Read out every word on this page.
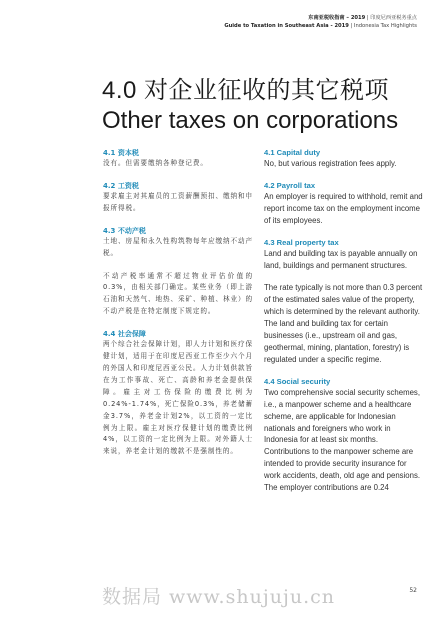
东南亚税收指南 – 2019 | 印度尼西亚税务重点
Guide to Taxation in Southeast Asia - 2019 | Indonesia Tax Highlights
4.0 对企业征收的其它税项
Other taxes on corporations
4.1 资本税
没有。但需要缴纳各种登记费。
4.2 工资税
要求雇主对其雇员的工资薪酬预扣、缴纳和申报所得税。
4.3 不动产税
土地、房屋和永久性构筑物每年应缴纳不动产税。
不动产税率通常不超过物业评估价值的0.3%，由相关部门确定。某些业务（即上游石油和天然气、地热、采矿、种植、林业）的不动产税是在特定制度下规定的。
4.4 社会保障
两个综合社会保障计划，即人力计划和医疗保健计划，适用于在印度尼西亚工作至少六个月的外国人和印度尼西亚公民。人力计划供款旨在为工作事故、死亡、高龄和养老金提供保障。雇主对工伤保险的缴费比例为0.24%-1.74%，死亡保险0.3%，养老储蓄金3.7%，养老金计划2%，以工资的一定比例为上限。雇主对医疗保健计划的缴费比例4%，以工资的一定比例为上限。对外籍人士来说，养老金计划的缴款不是强制性的。
4.1 Capital duty
No, but various registration fees apply.
4.2 Payroll tax
An employer is required to withhold, remit and report income tax on the employment income of its employees.
4.3 Real property tax
Land and building tax is payable annually on land, buildings and permanent structures.
The rate typically is not more than 0.3 percent of the estimated sales value of the property, which is determined by the relevant authority. The land and building tax for certain businesses (i.e., upstream oil and gas, geothermal, mining, plantation, forestry) is regulated under a specific regime.
4.4 Social security
Two comprehensive social security schemes, i.e., a manpower scheme and a healthcare scheme, are applicable for Indonesian nationals and foreigners who work in Indonesia for at least six months. Contributions to the manpower scheme are intended to provide security insurance for work accidents, death, old age and pensions. The employer contributions are 0.24
数据局 www.shujuju.cn	52
